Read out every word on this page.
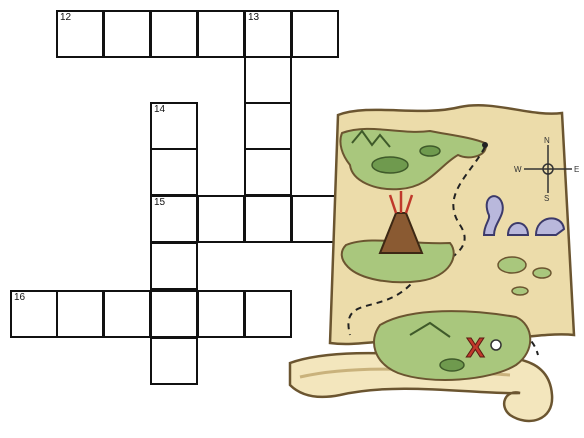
12	13
14
15
16
N
S
E
W
X
